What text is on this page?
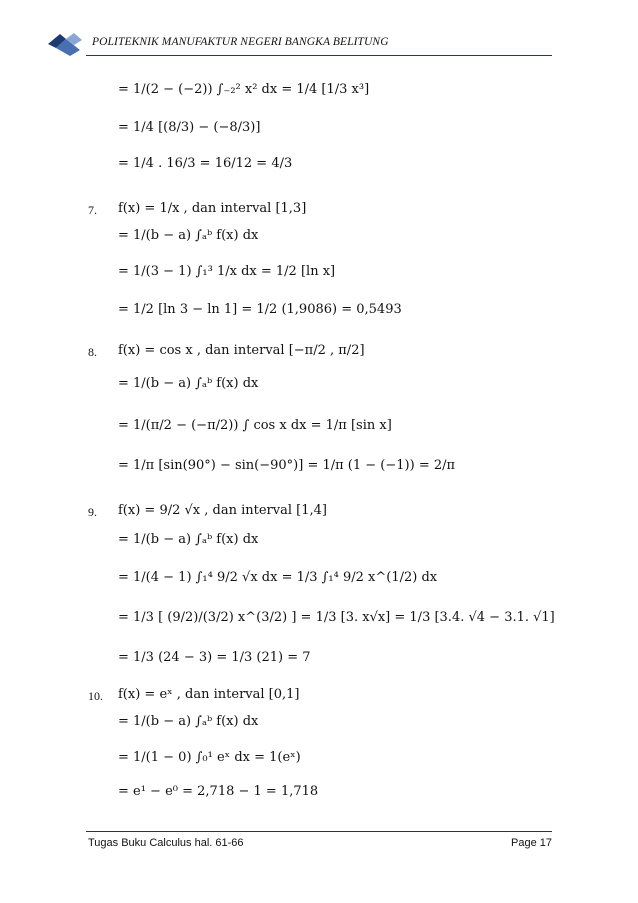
POLITEKNIK MANUFAKTUR NEGERI BANGKA BELITUNG
= 1/(2 − (−2)) ∫₋₂² x² dx = 1/4 [1/3 x³]
= 1/4 [(8/3) − (−8/3)]
= 1/4 . 16/3 = 16/12 = 4/3
7. f(x) = 1/x , dan interval [1,3]
= 1/(b − a) ∫ₐᵇ f(x) dx
= 1/(3 − 1) ∫₁³ 1/x dx = 1/2 [ln x]
= 1/2 [ln 3 − ln 1] = 1/2 (1,9086) = 0,5493
8. f(x) = cos x , dan interval [−π/2 , π/2]
= 1/(b − a) ∫ₐᵇ f(x) dx
= 1/(π/2 − (−π/2)) ∫ cos x dx = 1/π [sin x]
= 1/π [sin(90°) − sin(−90°)] = 1/π (1 − (−1)) = 2/π
9. f(x) = 9/2 √x , dan interval [1,4]
= 1/(b − a) ∫ₐᵇ f(x) dx
= 1/(4 − 1) ∫₁⁴ 9/2 √x dx = 1/3 ∫₁⁴ 9/2 x^(1/2) dx
= 1/3 [ (9/2)/(3/2) x^(3/2) ] = 1/3 [3. x√x] = 1/3 [3.4. √4 − 3.1. √1]
= 1/3 (24 − 3) = 1/3 (21) = 7
10. f(x) = eˣ , dan interval [0,1]
= 1/(b − a) ∫ₐᵇ f(x) dx
= 1/(1 − 0) ∫₀¹ eˣ dx = 1(eˣ)
= e¹ − e⁰ = 2,718 − 1 = 1,718
Tugas Buku Calculus hal. 61-66	Page 17
